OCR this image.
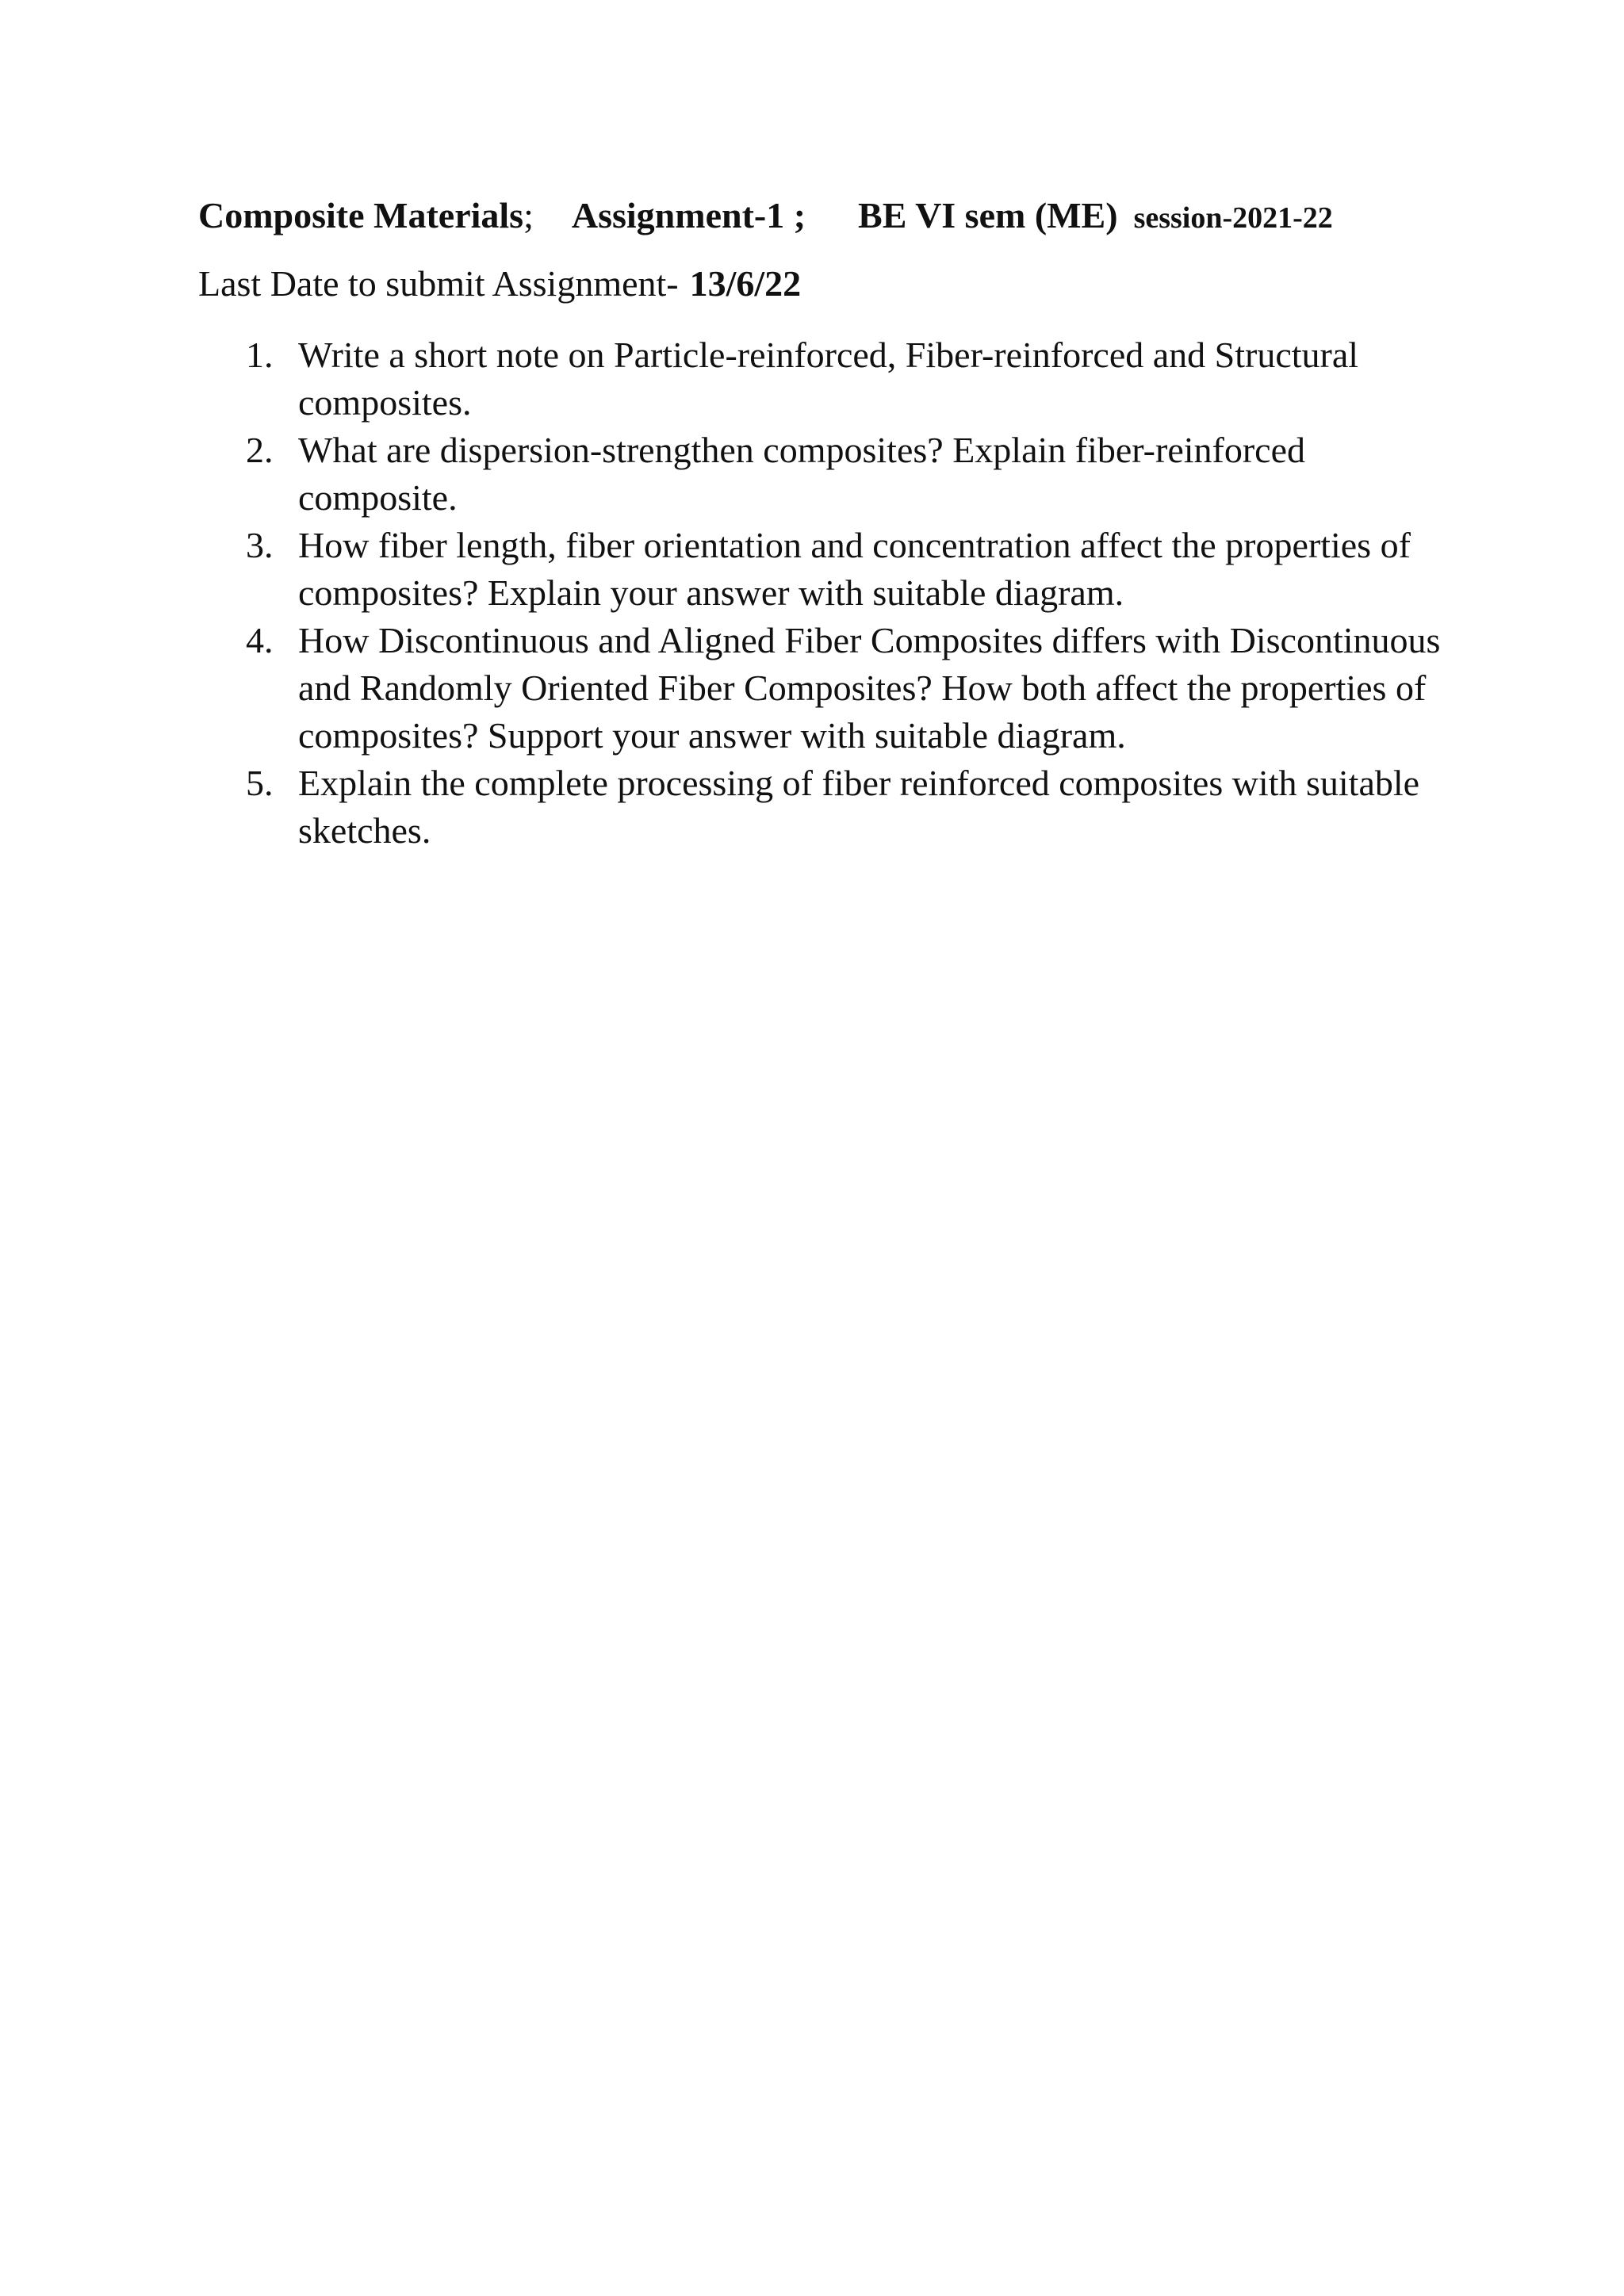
Composite Materials; Assignment-1 ; BE VI sem (ME) session-2021-22
Last Date to submit Assignment- 13/6/22
1. Write a short note on Particle-reinforced, Fiber-reinforced and Structural composites.
2. What are dispersion-strengthen composites? Explain fiber-reinforced composite.
3. How fiber length, fiber orientation and concentration affect the properties of composites? Explain your answer with suitable diagram.
4. How Discontinuous and Aligned Fiber Composites differs with Discontinuous and Randomly Oriented Fiber Composites? How both affect the properties of composites? Support your answer with suitable diagram.
5. Explain the complete processing of fiber reinforced composites with suitable sketches.
